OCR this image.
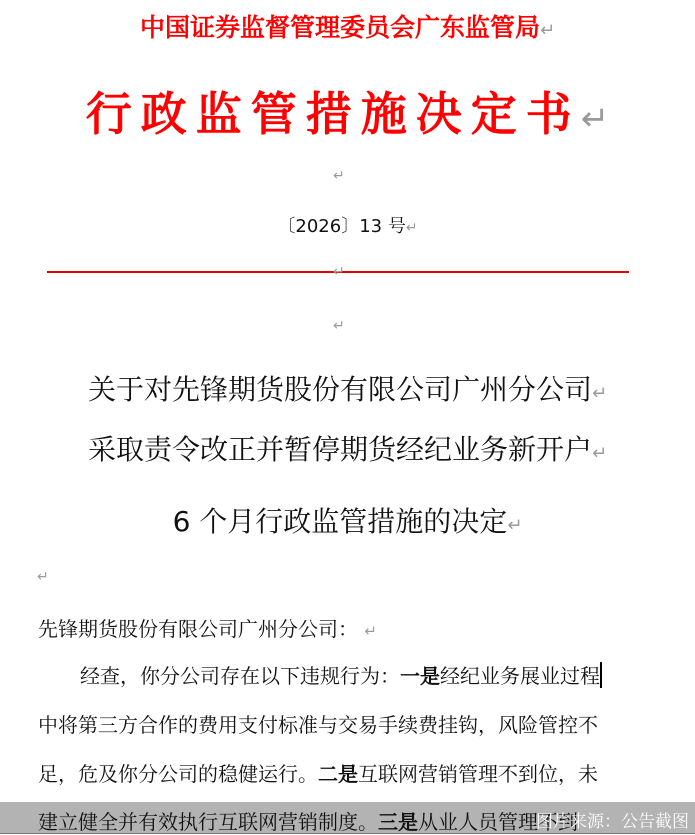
中国证券监督管理委员会广东监管局↵
行政监管措施决定书↵
↵
〔2026〕13 号↵
↵
↵
关于对先锋期货股份有限公司广州分公司↵
采取责令改正并暂停期货经纪业务新开户↵
6 个月行政监管措施的决定↵
↵
先锋期货股份有限公司广州分公司： ↵
经查，你分公司存在以下违规行为：一是经纪业务展业过程
中将第三方合作的费用支付标准与交易手续费挂钩，风险管控不
足，危及你分公司的稳健运行。二是互联网营销管理不到位，未
建立健全并有效执行互联网营销制度。三是从业人员管理不到
图片来源：公告截图
